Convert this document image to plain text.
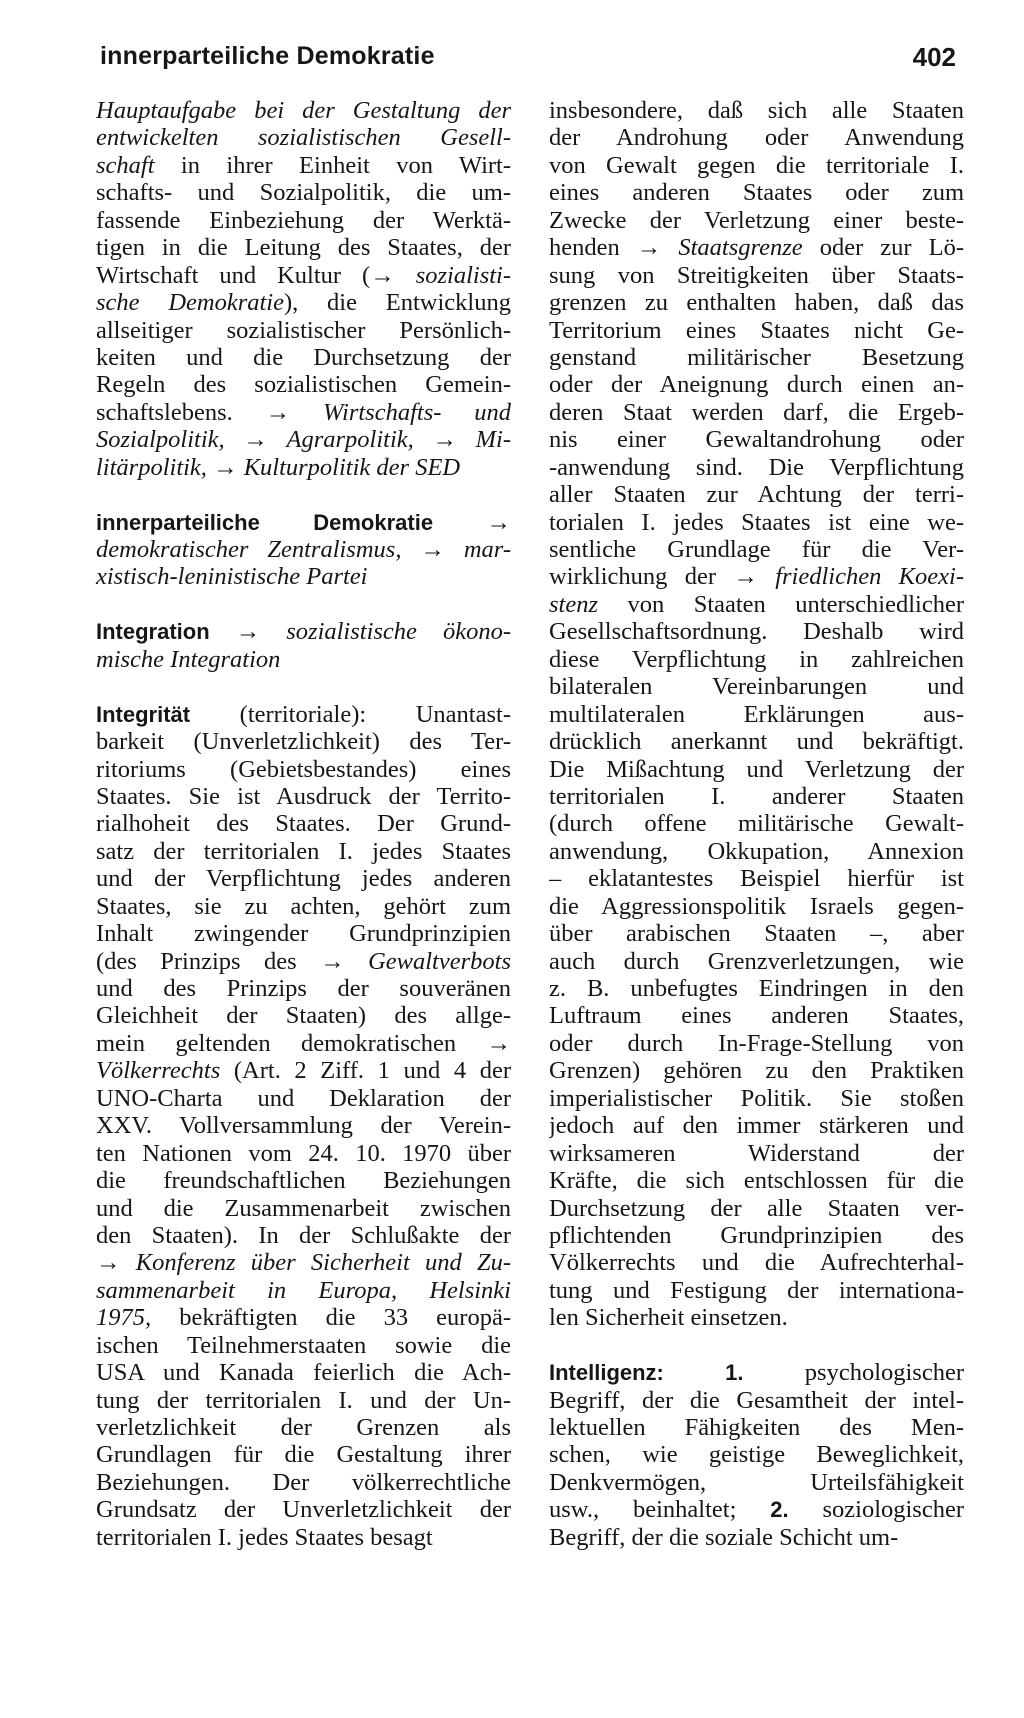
innerparteiliche Demokratie	402
Hauptaufgabe bei der Gestaltung der
entwickelten sozialistischen Gesell-
schaft in ihrer Einheit von Wirt-
schafts- und Sozialpolitik, die um-
fassende Einbeziehung der Werktä-
tigen in die Leitung des Staates, der
Wirtschaft und Kultur (→ sozialisti-
sche Demokratie), die Entwicklung
allseitiger sozialistischer Persönlich-
keiten und die Durchsetzung der
Regeln des sozialistischen Gemein-
schaftslebens. → Wirtschafts- und
Sozialpolitik, → Agrarpolitik, → Mi-
litärpolitik, → Kulturpolitik der SED
innerparteiliche Demokratie →
demokratischer Zentralismus, → mar-
xistisch-leninistische Partei
Integration → sozialistische ökono-
mische Integration
Integrität (territoriale): Unantast-
barkeit (Unverletzlichkeit) des Ter-
ritoriums (Gebietsbestandes) eines
Staates. Sie ist Ausdruck der Territo-
rialhoheit des Staates. Der Grund-
satz der territorialen I. jedes Staates
und der Verpflichtung jedes anderen
Staates, sie zu achten, gehört zum
Inhalt zwingender Grundprinzipien
(des Prinzips des → Gewaltverbots
und des Prinzips der souveränen
Gleichheit der Staaten) des allge-
mein geltenden demokratischen →
Völkerrechts (Art. 2 Ziff. 1 und 4 der
UNO-Charta und Deklaration der
XXV. Vollversammlung der Verein-
ten Nationen vom 24. 10. 1970 über
die freundschaftlichen Beziehungen
und die Zusammenarbeit zwischen
den Staaten). In der Schlußakte der
→ Konferenz über Sicherheit und Zu-
sammenarbeit in Europa, Helsinki
1975, bekräftigten die 33 europä-
ischen Teilnehmerstaaten sowie die
USA und Kanada feierlich die Ach-
tung der territorialen I. und der Un-
verletzlichkeit der Grenzen als
Grundlagen für die Gestaltung ihrer
Beziehungen. Der völkerrechtliche
Grundsatz der Unverletzlichkeit der
territorialen I. jedes Staates besagt
insbesondere, daß sich alle Staaten
der Androhung oder Anwendung
von Gewalt gegen die territoriale I.
eines anderen Staates oder zum
Zwecke der Verletzung einer beste-
henden → Staatsgrenze oder zur Lö-
sung von Streitigkeiten über Staats-
grenzen zu enthalten haben, daß das
Territorium eines Staates nicht Ge-
genstand militärischer Besetzung
oder der Aneignung durch einen an-
deren Staat werden darf, die Ergeb-
nis einer Gewaltandrohung oder
-anwendung sind. Die Verpflichtung
aller Staaten zur Achtung der terri-
torialen I. jedes Staates ist eine we-
sentliche Grundlage für die Ver-
wirklichung der → friedlichen Koexi-
stenz von Staaten unterschiedlicher
Gesellschaftsordnung. Deshalb wird
diese Verpflichtung in zahlreichen
bilateralen Vereinbarungen und
multilateralen Erklärungen aus-
drücklich anerkannt und bekräftigt.
Die Mißachtung und Verletzung der
territorialen I. anderer Staaten
(durch offene militärische Gewalt-
anwendung, Okkupation, Annexion
– eklatantestes Beispiel hierfür ist
die Aggressionspolitik Israels gegen-
über arabischen Staaten –, aber
auch durch Grenzverletzungen, wie
z. B. unbefugtes Eindringen in den
Luftraum eines anderen Staates,
oder durch In-Frage-Stellung von
Grenzen) gehören zu den Praktiken
imperialistischer Politik. Sie stoßen
jedoch auf den immer stärkeren und
wirksameren Widerstand der
Kräfte, die sich entschlossen für die
Durchsetzung der alle Staaten ver-
pflichtenden Grundprinzipien des
Völkerrechts und die Aufrechterhal-
tung und Festigung der internationa-
len Sicherheit einsetzen.
Intelligenz:	1. psychologischer
Begriff, der die Gesamtheit der intel-
lektuellen Fähigkeiten des Men-
schen, wie geistige Beweglichkeit,
Denkvermögen, Urteilsfähigkeit
usw., beinhaltet; 2. soziologischer
Begriff, der die soziale Schicht um-
